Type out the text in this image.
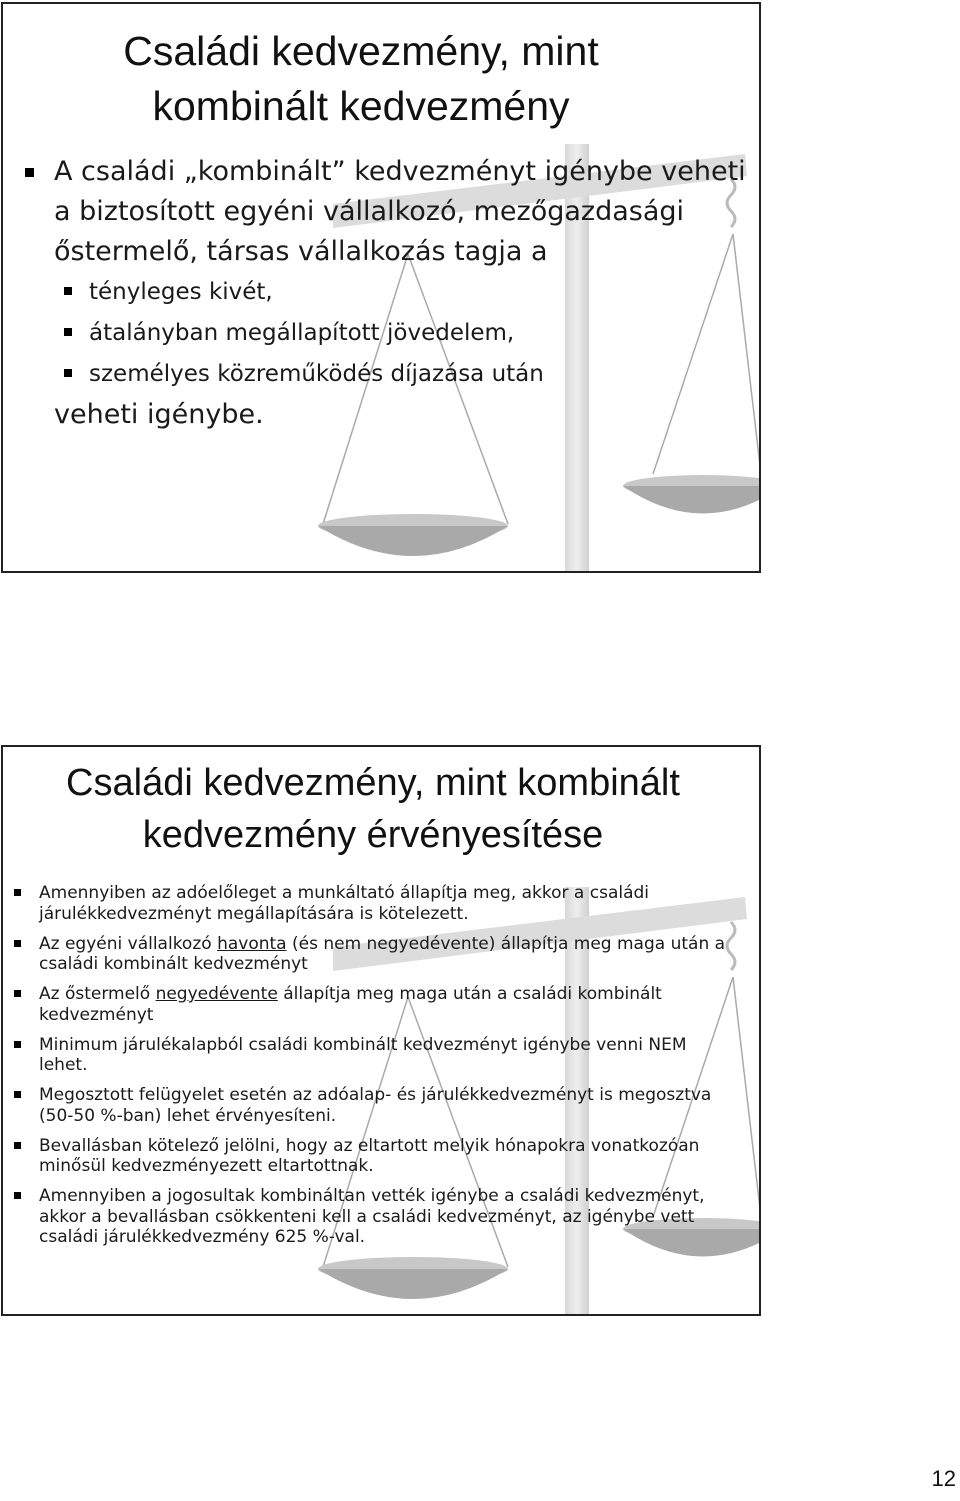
Családi kedvezmény, mint
kombinált kedvezmény

A családi „kombinált” kedvezményt igénybe veheti a biztosított egyéni vállalkozó, mezőgazdasági őstermelő, társas vállalkozás tagja a

tényleges kivét,

átalányban megállapított jövedelem,

személyes közreműködés díjazása után

veheti igénybe.

Családi kedvezmény, mint kombinált
kedvezmény érvényesítése
Amennyiben az adóelőleget a munkáltató állapítja meg, akkor a családi járulékkedvezményt megállapítására is kötelezett.
Az egyéni vállalkozó havonta (és nem negyedévente) állapítja meg maga után a családi kombinált kedvezményt
Az őstermelő negyedévente állapítja meg maga után a családi kombinált kedvezményt
Minimum járulékalapból családi kombinált kedvezményt igénybe venni NEM lehet.
Megosztott felügyelet esetén az adóalap- és járulékkedvezményt is megosztva (50-50 %-ban) lehet érvényesíteni.
Bevallásban kötelező jelölni, hogy az eltartott melyik hónapokra vonatkozóan minősül kedvezményezett eltartottnak.
Amennyiben a jogosultak kombináltan vették igénybe a családi kedvezményt, akkor a bevallásban csökkenteni kell a családi kedvezményt, az igénybe vett családi járulékkedvezmény 625 %-val.
12
